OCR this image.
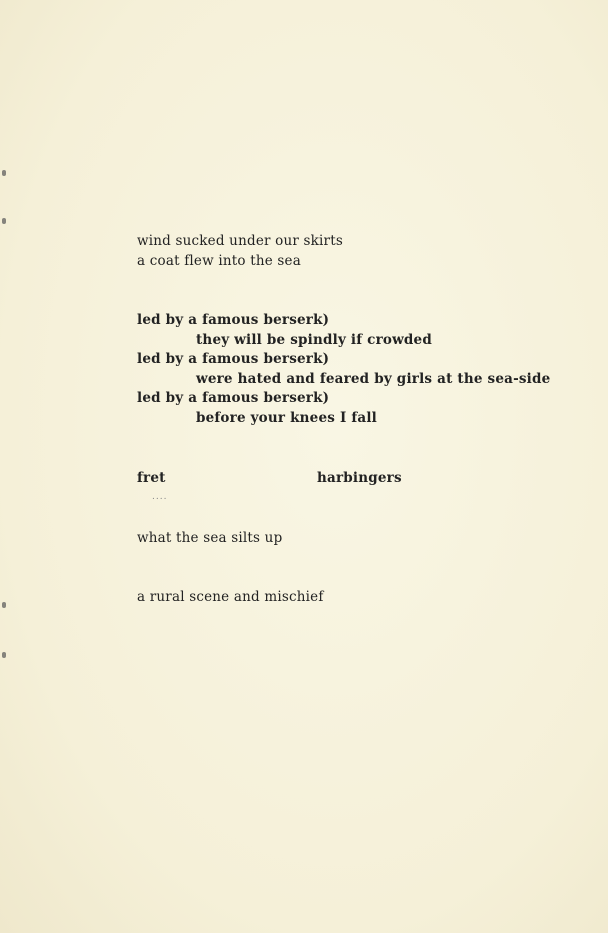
wind sucked under our skirts
a coat flew into the sea
led by a famous berserk)
they will be spindly if crowded
led by a famous berserk)
were hated and feared by girls at the sea-side
led by a famous berserk)
before your knees I fall
fret	harbingers
....
what the sea silts up
a rural scene and mischief
